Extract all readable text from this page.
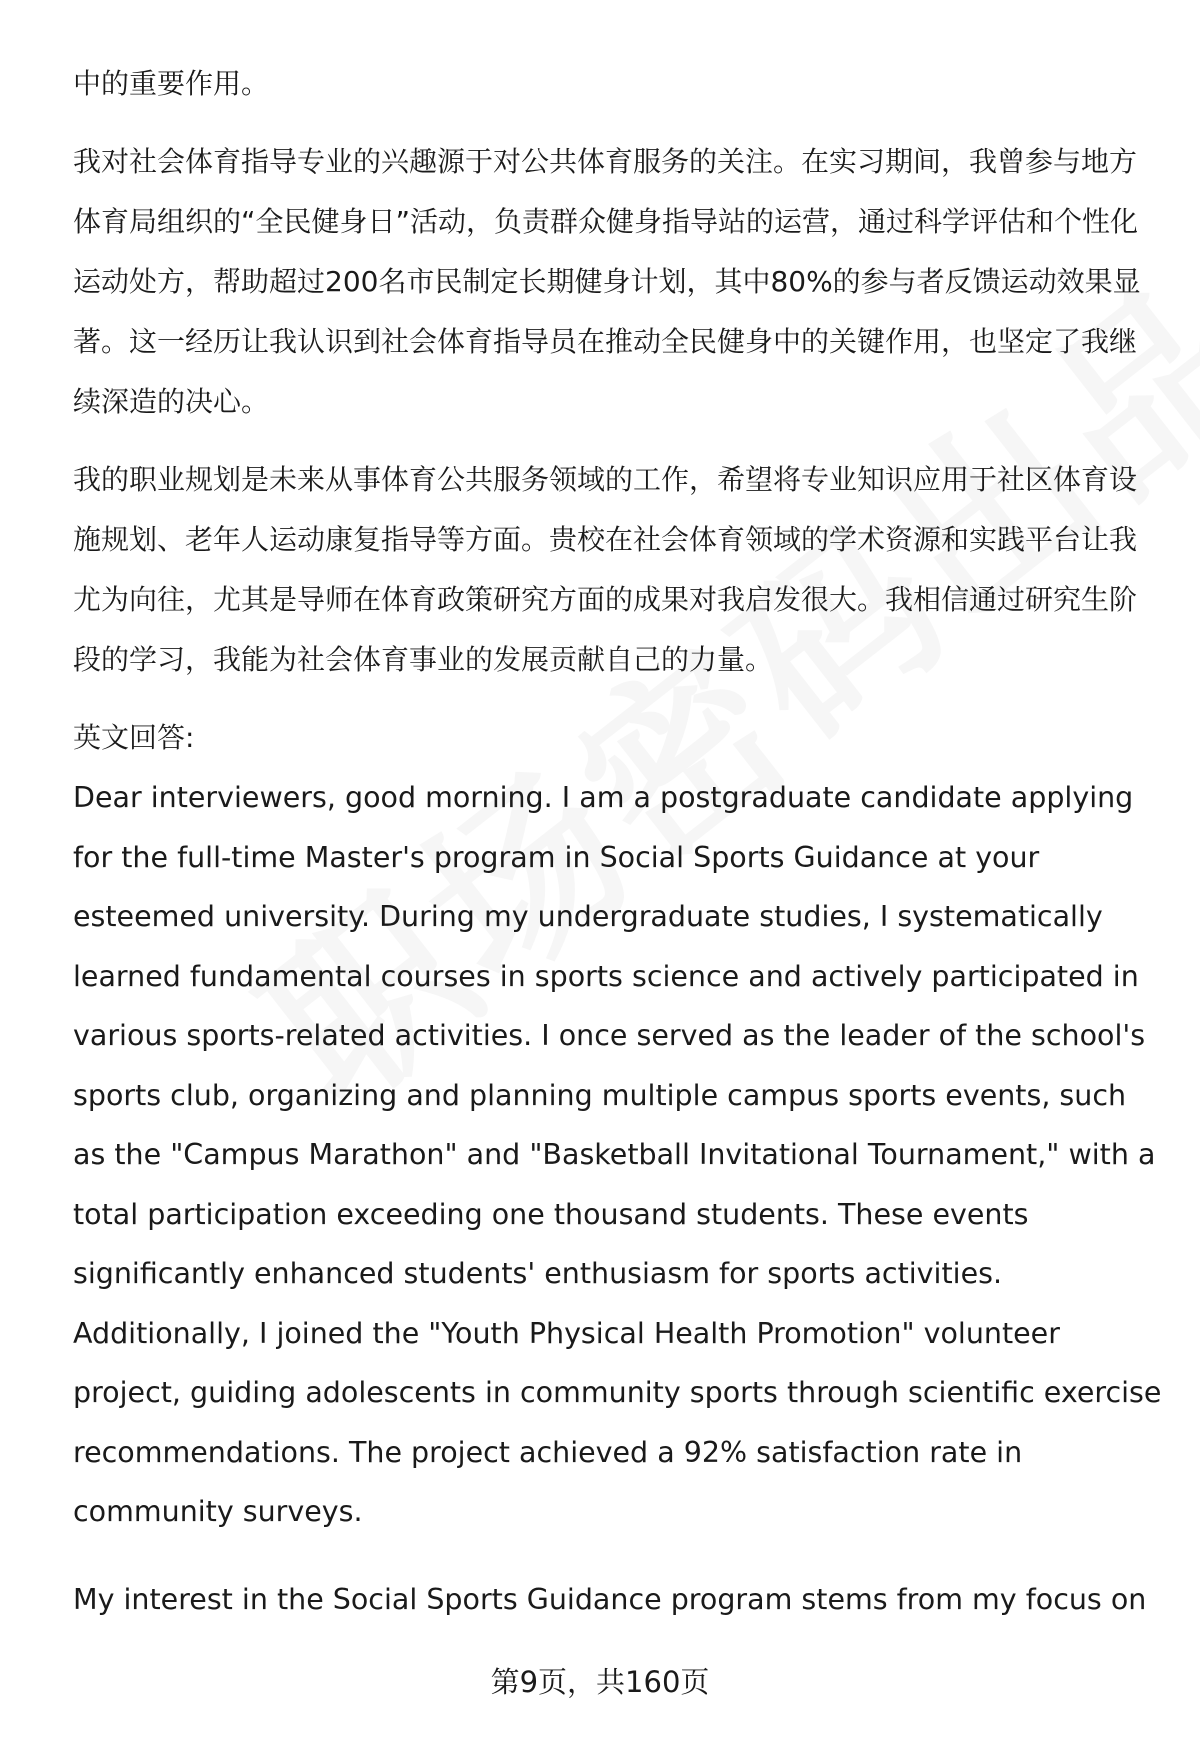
中的重要作用。

我对社会体育指导专业的兴趣源于对公共体育服务的关注。在实习期间，我曾参与地方体育局组织的“全民健身日”活动，负责群众健身指导站的运营，通过科学评估和个性化运动处方，帮助超过200名市民制定长期健身计划，其中80%的参与者反馈运动效果显著。这一经历让我认识到社会体育指导员在推动全民健身中的关键作用，也坚定了我继续深造的决心。

我的职业规划是未来从事体育公共服务领域的工作，希望将专业知识应用于社区体育设施规划、老年人运动康复指导等方面。贵校在社会体育领域的学术资源和实践平台让我尤为向往，尤其是导师在体育政策研究方面的成果对我启发很大。我相信通过研究生阶段的学习，我能为社会体育事业的发展贡献自己的力量。

英文回答:

Dear interviewers, good morning. I am a postgraduate candidate applying for the full-time Master's program in Social Sports Guidance at your esteemed university. During my undergraduate studies, I systematically learned fundamental courses in sports science and actively participated in various sports-related activities. I once served as the leader of the school's sports club, organizing and planning multiple campus sports events, such as the "Campus Marathon" and "Basketball Invitational Tournament," with a total participation exceeding one thousand students. These events significantly enhanced students' enthusiasm for sports activities. Additionally, I joined the "Youth Physical Health Promotion" volunteer project, guiding adolescents in community sports through scientific exercise recommendations. The project achieved a 92% satisfaction rate in community surveys.

My interest in the Social Sports Guidance program stems from my focus on

第9页，共160页
